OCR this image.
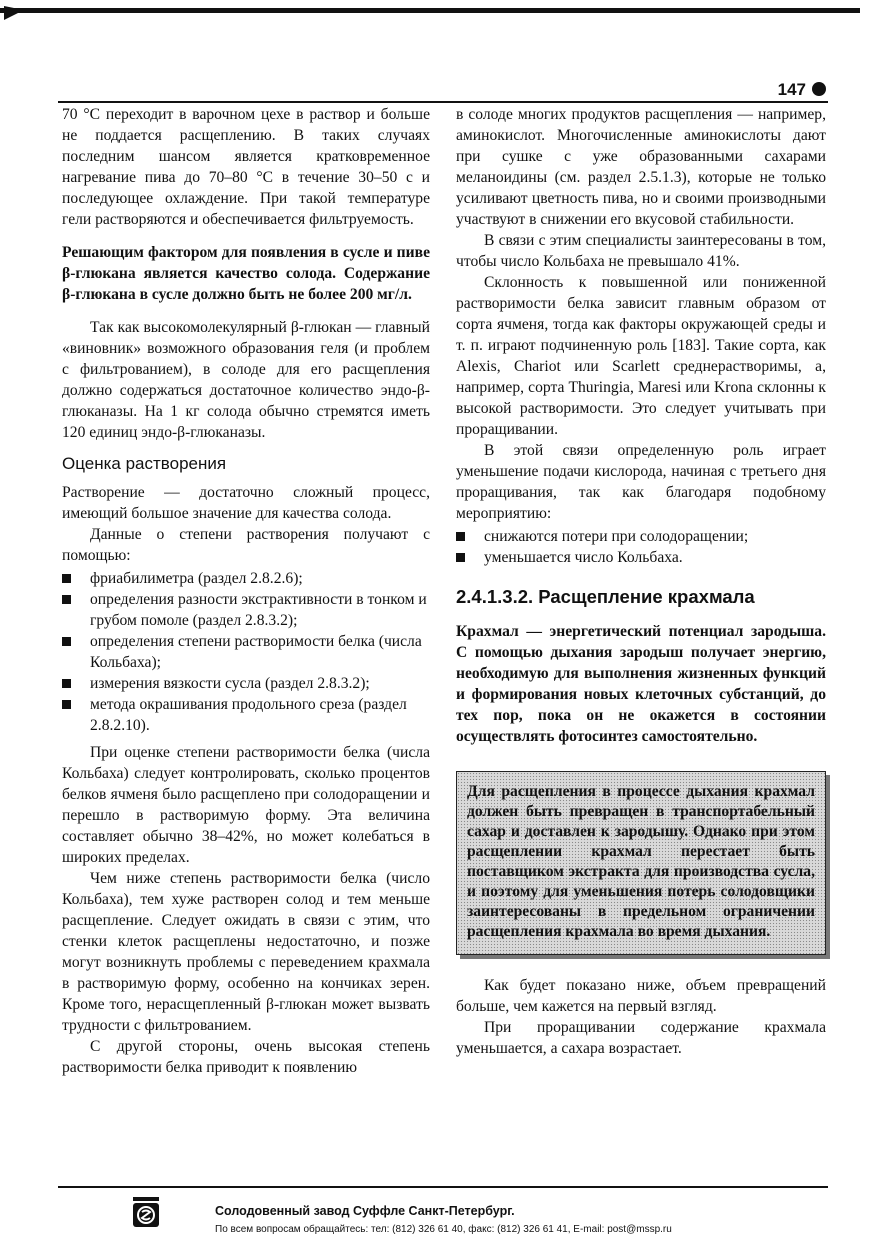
147

70 °С переходит в варочном цехе в раствор и больше не поддается расщеплению. В таких случаях последним шансом является кратковременное нагревание пива до 70–80 °С в течение 30–50 с и последующее охлаждение. При такой температуре гели растворяются и обеспечивается фильтруемость.

Решающим фактором для появления в сусле и пиве β-глюкана является качество солода. Содержание β-глюкана в сусле должно быть не более 200 мг/л.

Так как высокомолекулярный β-глюкан — главный «виновник» возможного образования геля (и проблем с фильтрованием), в солоде для его расщепления должно содержаться достаточное количество эндо-β-глюканазы. На 1 кг солода обычно стремятся иметь 120 единиц эндо-β-глюканазы.

Оценка растворения

Растворение — достаточно сложный процесс, имеющий большое значение для качества солода.

Данные о степени растворения получают с помощью:

фриабилиметра (раздел 2.8.2.6);
определения разности экстрактивности в тонком и грубом помоле (раздел 2.8.3.2);
определения степени растворимости белка (числа Кольбаха);
измерения вязкости сусла (раздел 2.8.3.2);
метода окрашивания продольного среза (раздел 2.8.2.10).

При оценке степени растворимости белка (числа Кольбаха) следует контролировать, сколько процентов белков ячменя было расщеплено при солодоращении и перешло в растворимую форму. Эта величина составляет обычно 38–42%, но может колебаться в широких пределах.

Чем ниже степень растворимости белка (число Кольбаха), тем хуже растворен солод и тем меньше расщепление. Следует ожидать в связи с этим, что стенки клеток расщеплены недостаточно, и позже могут возникнуть проблемы с переведением крахмала в растворимую форму, особенно на кончиках зерен. Кроме того, нерасщепленный β-глюкан может вызвать трудности с фильтрованием.

С другой стороны, очень высокая степень растворимости белка приводит к появлению

в солоде многих продуктов расщепления — например, аминокислот. Многочисленные аминокислоты дают при сушке с уже образованными сахарами меланоидины (см. раздел 2.5.1.3), которые не только усиливают цветность пива, но и своими производными участвуют в снижении его вкусовой стабильности.

В связи с этим специалисты заинтересованы в том, чтобы число Кольбаха не превышало 41%.

Склонность к повышенной или пониженной растворимости белка зависит главным образом от сорта ячменя, тогда как факторы окружающей среды и т. п. играют подчиненную роль [183]. Такие сорта, как Alexis, Chariot или Scarlett среднерастворимы, а, например, сорта Thuringia, Maresi или Krona склонны к высокой растворимости. Это следует учитывать при проращивании.

В этой связи определенную роль играет уменьшение подачи кислорода, начиная с третьего дня проращивания, так как благодаря подобному мероприятию:

снижаются потери при солодоращении;
уменьшается число Кольбаха.
2.4.1.3.2. Расщепление крахмала

Крахмал — энергетический потенциал зародыша. С помощью дыхания зародыш получает энергию, необходимую для выполнения жизненных функций и формирования новых клеточных субстанций, до тех пор, пока он не окажется в состоянии осуществлять фотосинтез самостоятельно.

Для расщепления в процессе дыхания крахмал должен быть превращен в транспортабельный сахар и доставлен к зародышу. Однако при этом расщеплении крахмал перестает быть поставщиком экстракта для производства сусла, и поэтому для уменьшения потерь солодовщики заинтересованы в предельном ограничении расщепления крахмала во время дыхания.

Как будет показано ниже, объем превращений больше, чем кажется на первый взгляд.

При проращивании содержание крахмала уменьшается, а сахара возрастает.

Солодовенный завод Суффле Санкт-Петербург.
По всем вопросам обращайтесь: тел: (812) 326 61 40, факс: (812) 326 61 41, E-mail: post@mssp.ru
